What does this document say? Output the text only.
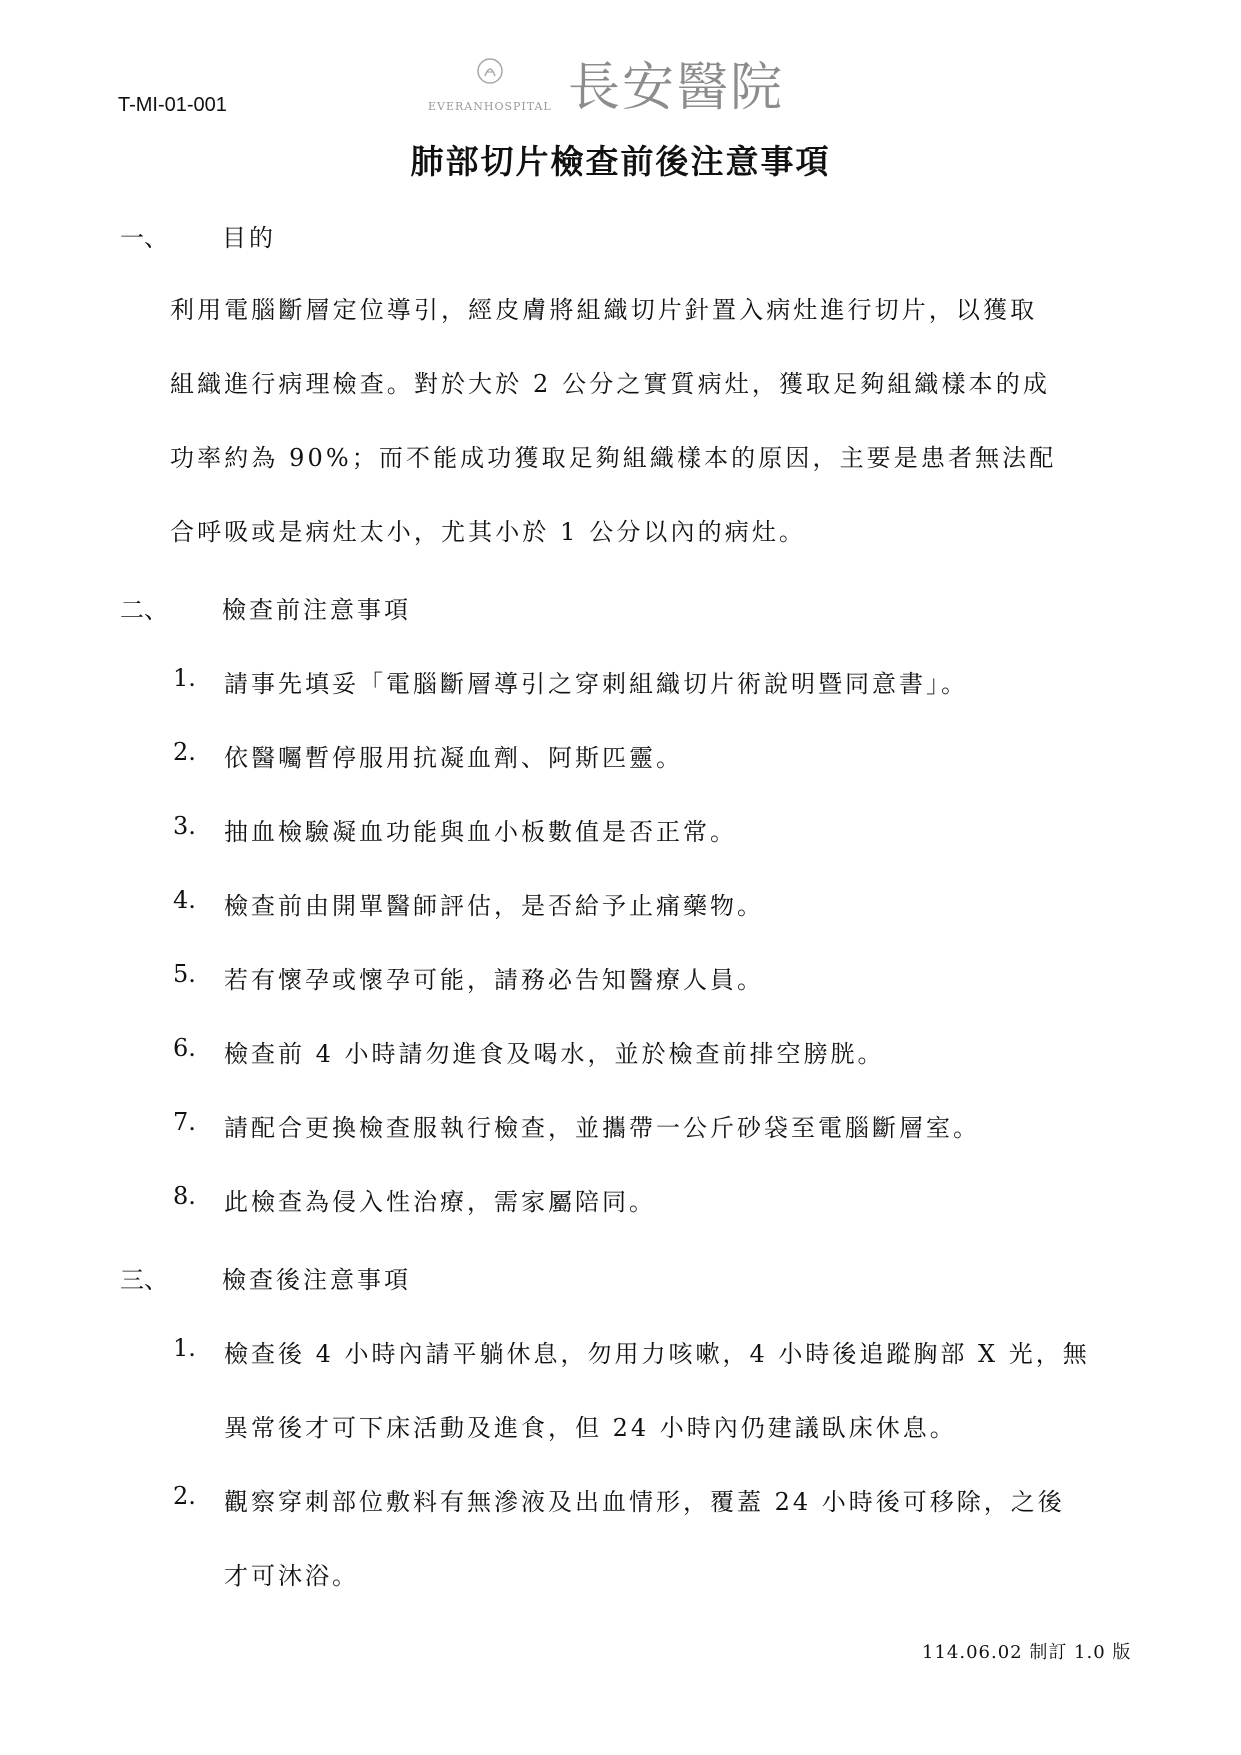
T-MI-01-001	EVERANHOSPITAL 長安醫院
肺部切片檢查前後注意事項
一、 目的
利用電腦斷層定位導引，經皮膚將組織切片針置入病灶進行切片，以獲取
組織進行病理檢查。對於大於 2 公分之實質病灶，獲取足夠組織樣本的成
功率約為 90%；而不能成功獲取足夠組織樣本的原因，主要是患者無法配
合呼吸或是病灶太小，尤其小於 1 公分以內的病灶。
二、 檢查前注意事項
1. 請事先填妥「電腦斷層導引之穿刺組織切片術說明暨同意書」。
2. 依醫囑暫停服用抗凝血劑、阿斯匹靈。
3. 抽血檢驗凝血功能與血小板數值是否正常。
4. 檢查前由開單醫師評估，是否給予止痛藥物。
5. 若有懷孕或懷孕可能，請務必告知醫療人員。
6. 檢查前 4 小時請勿進食及喝水，並於檢查前排空膀胱。
7. 請配合更換檢查服執行檢查，並攜帶一公斤砂袋至電腦斷層室。
8. 此檢查為侵入性治療，需家屬陪同。
三、 檢查後注意事項
1. 檢查後 4 小時內請平躺休息，勿用力咳嗽，4 小時後追蹤胸部 X 光，無
異常後才可下床活動及進食，但 24 小時內仍建議臥床休息。
2. 觀察穿刺部位敷料有無滲液及出血情形，覆蓋 24 小時後可移除，之後
才可沐浴。
114.06.02 制訂 1.0 版
